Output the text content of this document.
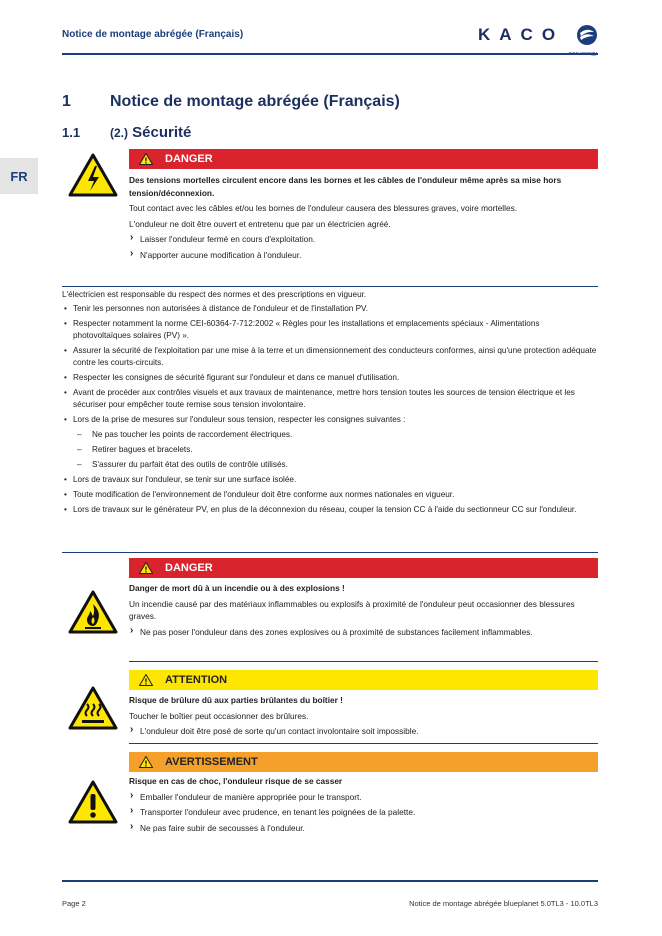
Notice de montage abrégée (Français)	KACO
FR
1 Notice de montage abrégée (Français)
1.1 (2.) Sécurité
! DANGER

Des tensions mortelles circulent encore dans les bornes et les câbles de l'onduleur même après sa mise hors tension/déconnexion.

Tout contact avec les câbles et/ou les bornes de l'onduleur causera des blessures graves, voire mortelles.

L'onduleur ne doit être ouvert et entretenu que par un électricien agréé.

› Laisser l'onduleur fermé en cours d'exploitation.

› N'apporter aucune modification à l'onduleur.

L'électricien est responsable du respect des normes et des prescriptions en vigueur.

• Tenir les personnes non autorisées à distance de l'onduleur et de l'installation PV.
• Respecter notamment la norme CEI-60364-7-712:2002 « Règles pour les installations et emplacements spéciaux - Alimentations photovoltaïques solaires (PV) ».
• Assurer la sécurité de l'exploitation par une mise à la terre et un dimensionnement des conducteurs conformes, ainsi qu'une protection adéquate contre les courts-circuits.
• Respecter les consignes de sécurité figurant sur l'onduleur et dans ce manuel d'utilisation.
• Avant de procéder aux contrôles visuels et aux travaux de maintenance, mettre hors tension toutes les sources de tension électrique et les sécuriser pour empêcher toute remise sous tension involontaire.
• Lors de la prise de mesures sur l'onduleur sous tension, respecter les consignes suivantes :
– Ne pas toucher les points de raccordement électriques.
– Retirer bagues et bracelets.
– S'assurer du parfait état des outils de contrôle utilisés.
• Lors de travaux sur l'onduleur, se tenir sur une surface isolée.
• Toute modification de l'environnement de l'onduleur doit être conforme aux normes nationales en vigueur.
• Lors de travaux sur le générateur PV, en plus de la déconnexion du réseau, couper la tension CC à l'aide du sectionneur CC sur l'onduleur.
! DANGER

Danger de mort dû à un incendie ou à des explosions !

Un incendie causé par des matériaux inflammables ou explosifs à proximité de l'onduleur peut occasionner des blessures graves.

› Ne pas poser l'onduleur dans des zones explosives ou à proximité de substances facilement inflammables.

! ATTENTION

Risque de brûlure dû aux parties brûlantes du boîtier !

Toucher le boîtier peut occasionner des brûlures.

› L'onduleur doit être posé de sorte qu'un contact involontaire soit impossible.

! AVERTISSEMENT

Risque en cas de choc, l'onduleur risque de se casser

› Emballer l'onduleur de manière appropriée pour le transport.

› Transporter l'onduleur avec prudence, en tenant les poignées de la palette.

› Ne pas faire subir de secousses à l'onduleur.

Page 2	Notice de montage abrégée blueplanet 5.0TL3 - 10.0TL3
